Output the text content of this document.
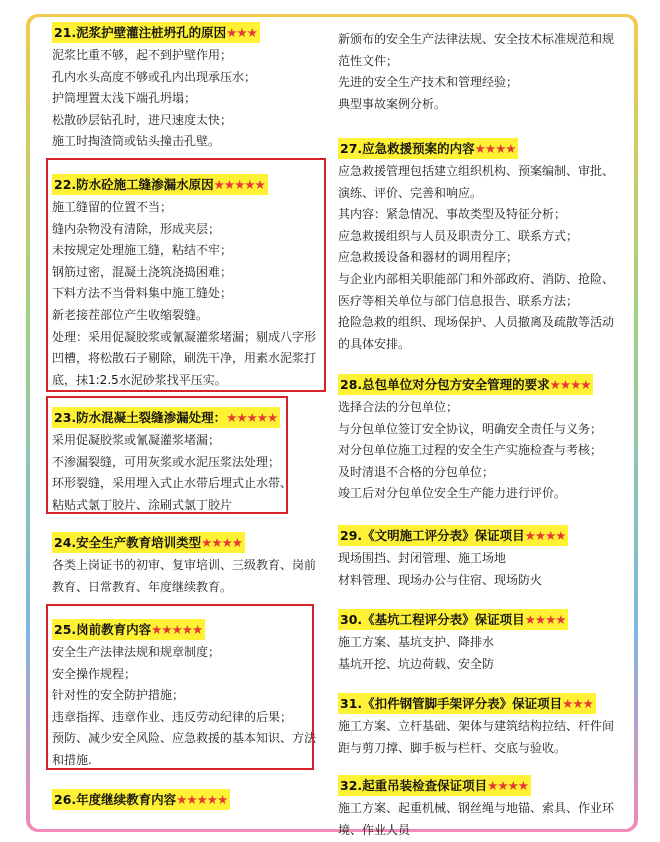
21.泥浆护壁灌注桩坍孔的原因★★★
泥浆比重不够，起不到护壁作用；
孔内水头高度不够或孔内出现承压水；
护筒埋置太浅下端孔坍塌；
松散砂层钻孔时，进尺速度太快；
施工时掏渣筒或钻头撞击孔壁。
22.防水砼施工缝渗漏水原因★★★★★
施工缝留的位置不当；
缝内杂物没有清除，形成夹层；
未按规定处理施工缝，粘结不牢；
钢筋过密，混凝土浇筑浇捣困难；
下料方法不当骨料集中施工缝处；
新老接茬部位产生收缩裂缝。
处理：采用促凝胶浆或氰凝灌浆堵漏；剔成八字形凹槽，将松散石子剔除，刷洗干净，用素水泥浆打底，抹1:2.5水泥砂浆找平压实。
23.防水混凝土裂缝渗漏处理：★★★★★
采用促凝胶浆或氰凝灌浆堵漏；
不渗漏裂缝，可用灰浆或水泥压浆法处理；
环形裂缝，采用埋入式止水带后埋式止水带、粘贴式氯丁胶片、涂刷式氯丁胶片
24.安全生产教育培训类型★★★★
各类上岗证书的初审、复审培训、三级教育、岗前教育、日常教育、年度继续教育。
25.岗前教育内容★★★★★
安全生产法律法规和规章制度；
安全操作规程；
针对性的安全防护措施；
违章指挥、违章作业、违反劳动纪律的后果；
预防、减少安全风险、应急救援的基本知识、方法和措施.
26.年度继续教育内容★★★★★
新颁布的安全生产法律法规、安全技术标准规范和规范性文件；
先进的安全生产技术和管理经验；
典型事故案例分析。
27.应急救援预案的内容★★★★
应急救援管理包括建立组织机构、预案编制、审批、演练、评价、完善和响应。
其内容：紧急情况、事故类型及特征分析；
应急救援组织与人员及职责分工、联系方式；
应急救援设备和器材的调用程序；
与企业内部相关职能部门和外部政府、消防、抢险、医疗等相关单位与部门信息报告、联系方法；
抢险急救的组织、现场保护、人员撤离及疏散等活动的具体安排。
28.总包单位对分包方安全管理的要求★★★★
选择合法的分包单位；
与分包单位签订安全协议，明确安全责任与义务；
对分包单位施工过程的安全生产实施检查与考核；
及时清退不合格的分包单位；
竣工后对分包单位安全生产能力进行评价。
29.《文明施工评分表》保证项目★★★★
现场围挡、封闭管理、施工场地
材料管理、现场办公与住宿、现场防火
30.《基坑工程评分表》保证项目★★★★
施工方案、基坑支护、降排水
基坑开挖、坑边荷载、安全防
31.《扣件钢管脚手架评分表》保证项目★★★
施工方案、立杆基础、架体与建筑结构拉结、杆件间距与剪刀撑、脚手板与栏杆、交底与验收。
32.起重吊装检查保证项目★★★★
施工方案、起重机械、钢丝绳与地锚、索具、作业环境、作业人员
